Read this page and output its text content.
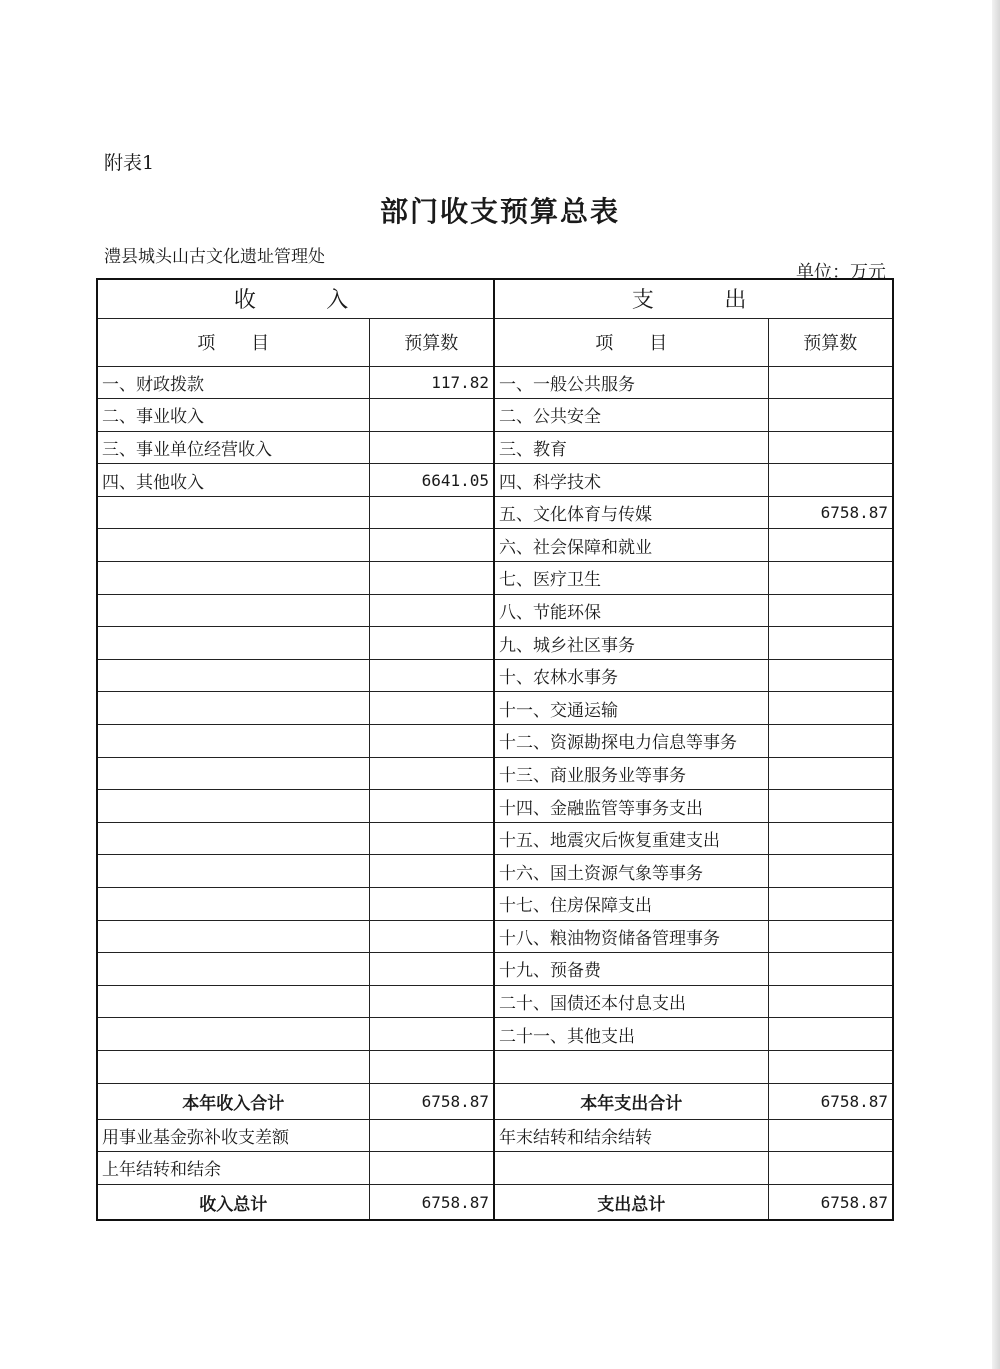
附表1
部门收支预算总表
澧县城头山古文化遗址管理处
单位：万元
收　　入		支　　出	
项　　目	预算数	项　　目	预算数
一、财政拨款	117.82	一、一般公共服务	
二、事业收入		二、公共安全	
三、事业单位经营收入		三、教育	
四、其他收入	6641.05	四、科学技术	
		五、文化体育与传媒	6758.87
		六、社会保障和就业	
		七、医疗卫生	
		八、节能环保	
		九、城乡社区事务	
		十、农林水事务	
		十一、交通运输	
		十二、资源勘探电力信息等事务	
		十三、商业服务业等事务	
		十四、金融监管等事务支出	
		十五、地震灾后恢复重建支出	
		十六、国土资源气象等事务	
		十七、住房保障支出	
		十八、粮油物资储备管理事务	
		十九、预备费	
		二十、国债还本付息支出	
		二十一、其他支出	

本年收入合计	6758.87	本年支出合计	6758.87
用事业基金弥补收支差额		年末结转和结余结转	
上年结转和结余			
收入总计	6758.87	支出总计	6758.87
